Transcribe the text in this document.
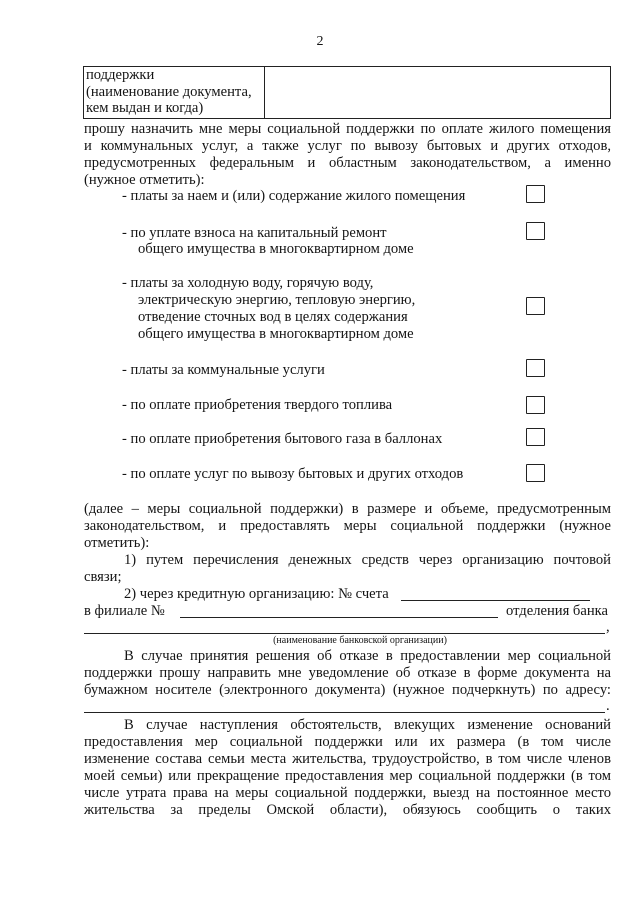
2
поддержки
(наименование документа,
кем выдан и когда)

прошу назначить мне меры социальной поддержки по оплате жилого помещения
и коммунальных услуг, а также услуг по вывозу бытовых и других отходов,
предусмотренных федеральным и областным законодательством, а именно
(нужное отметить):
- платы за наем и (или) содержание жилого помещения
- по уплате взноса на капитальный ремонт
общего имущества в многоквартирном доме
- платы за холодную воду, горячую воду,
электрическую энергию, тепловую энергию,
отведение сточных вод в целях содержания
общего имущества в многоквартирном доме
- платы за коммунальные услуги
- по оплате приобретения твердого топлива
- по оплате приобретения бытового газа в баллонах
- по оплате услуг по вывозу бытовых и других отходов
(далее – меры социальной поддержки) в размере и объеме, предусмотренным
законодательством, и предоставлять меры социальной поддержки (нужное
отметить):
1) путем перечисления денежных средств через организацию почтовой
связи;
2) через кредитную организацию: № счета
в филиале №	отделения банка
,
(наименование банковской организации)
В случае принятия решения об отказе в предоставлении мер социальной
поддержки прошу направить мне уведомление об отказе в форме документа на
бумажном носителе (электронного документа) (нужное подчеркнуть) по адресу:
.
В случае наступления обстоятельств, влекущих изменение оснований
предоставления мер социальной поддержки или их размера (в том числе
изменение состава семьи места жительства, трудоустройство, в том числе членов
моей семьи) или прекращение предоставления мер социальной поддержки (в том
числе утрата права на меры социальной поддержки, выезд на постоянное место
жительства за пределы Омской области), обязуюсь сообщить о таких
